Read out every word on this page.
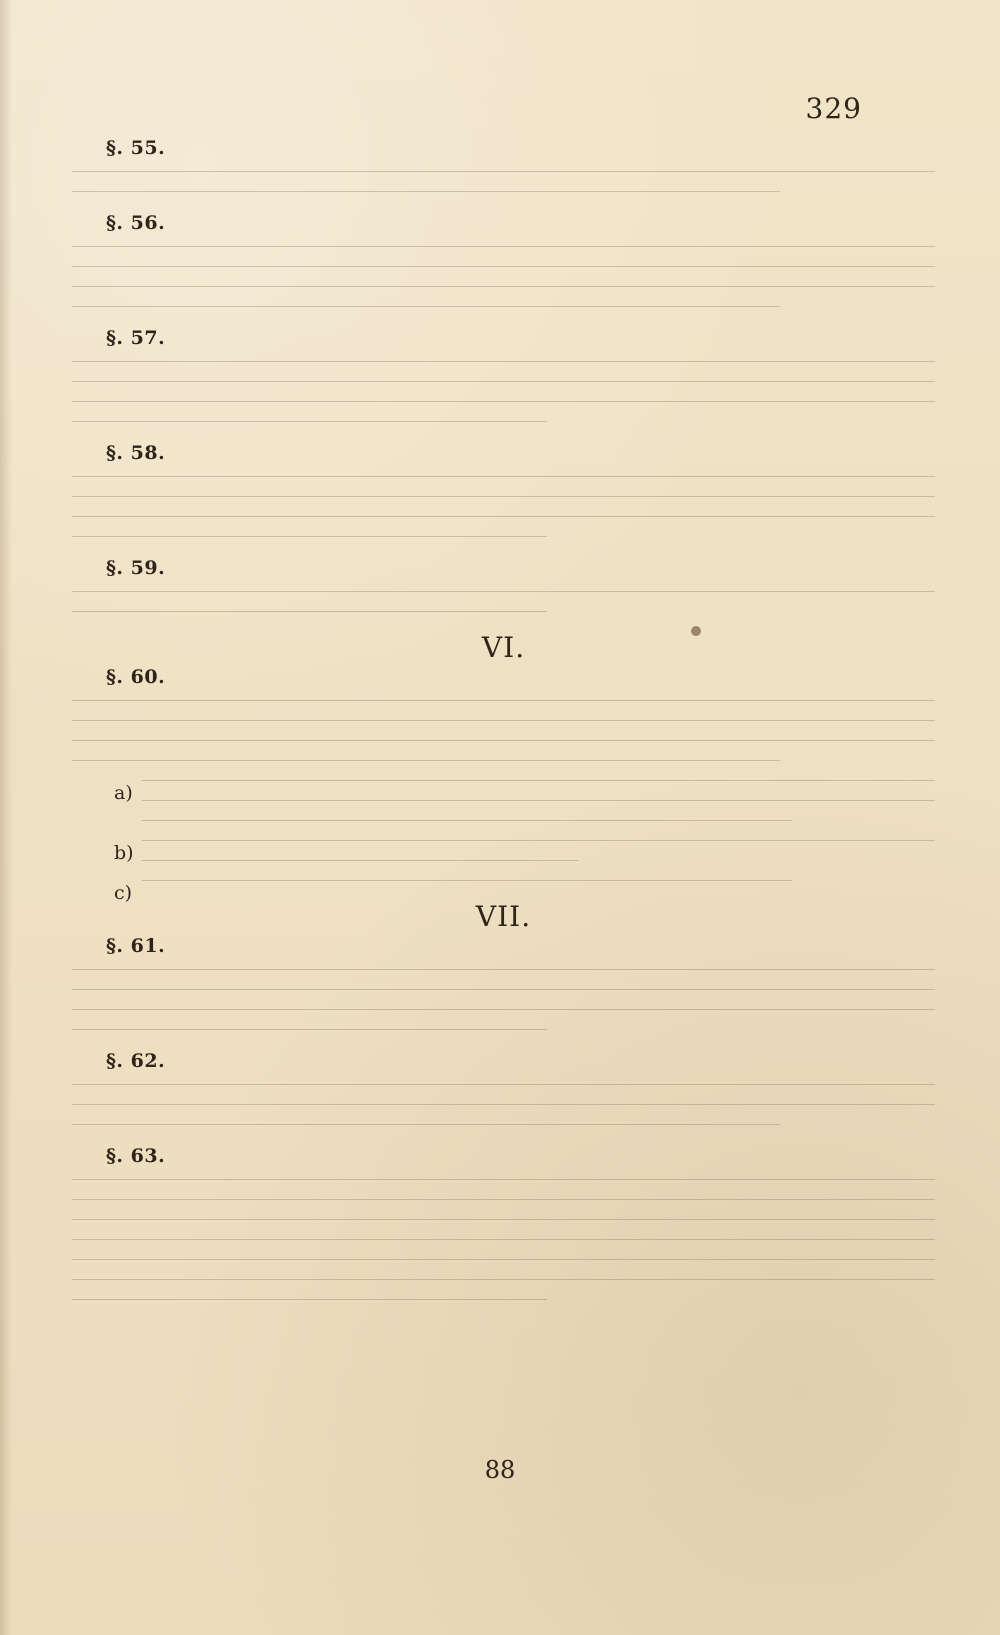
329
§. 55.
§. 56.
§. 57.
§. 58.
§. 59.
VI.
§. 60.
a)
b)
c)
VII.
§. 61.
§. 62.
§. 63.
88
